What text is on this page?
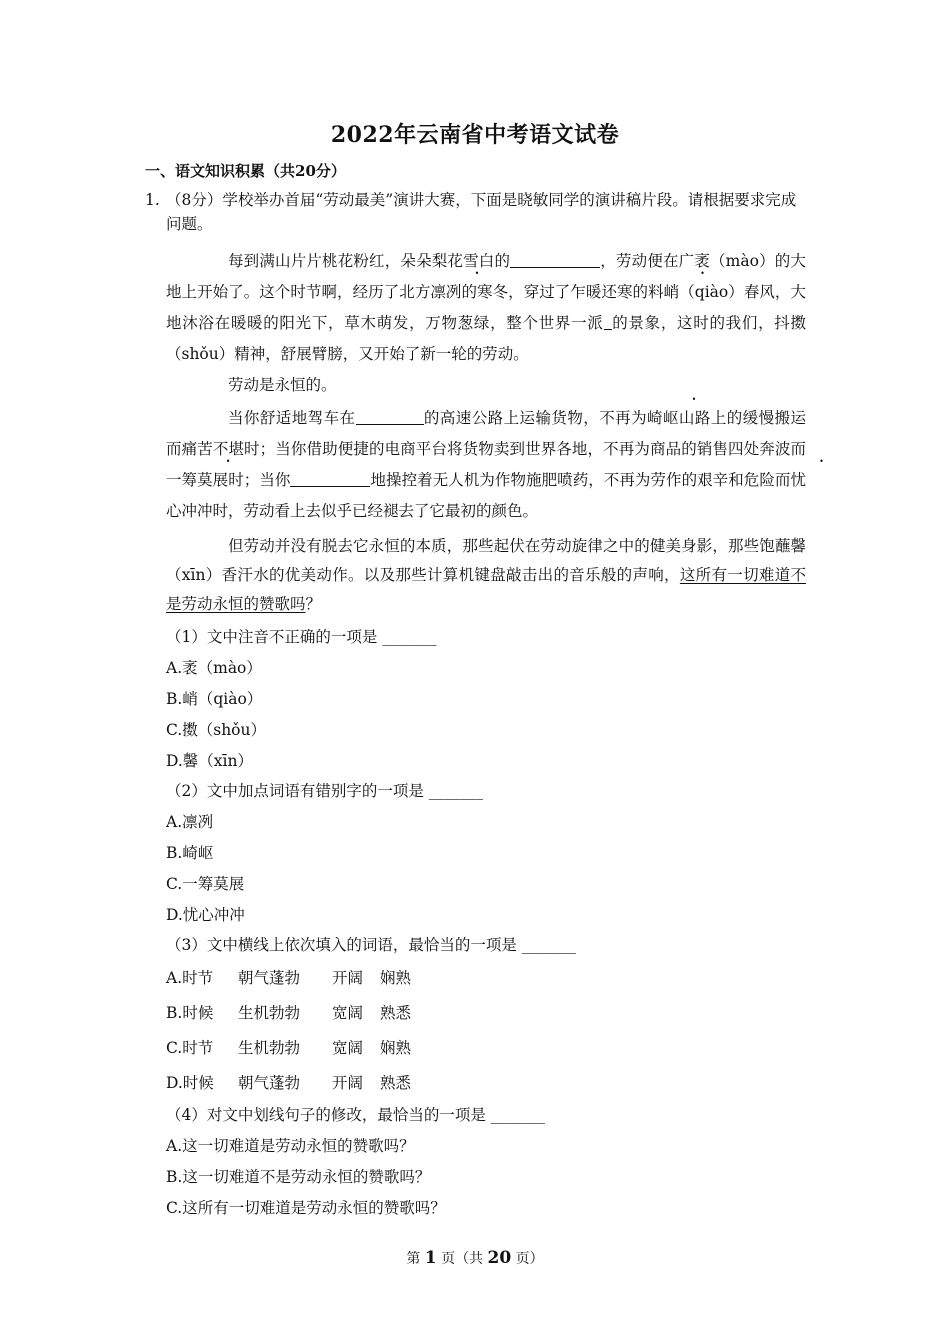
2022年云南省中考语文试卷
一、语文知识积累（共20分）
1. （8分）学校举办首届“劳动最美”演讲大赛，下面是晓敏同学的演讲稿片段。请根据要求完成问题。
每到满山片片桃花粉红，朵朵梨花雪白的	，劳动便在广袤（mào）的大地上开始了。这个时节啊，经历了北方凛冽的寒冬，穿过了乍暖还寒的料峭（qiào）春风，大地沐浴在暖暖的阳光下，草木萌发，万物葱绿，整个世界一派 的景象，这时的我们，抖擞（shǒu）精神，舒展臂膀，又开始了新一轮的劳动。
劳动是永恒的。
当你舒适地驾车在	的高速公路上运输货物，不再为崎岖山路上的缓慢搬运而痛苦不堪时；当你借助便捷的电商平台将货物卖到世界各地，不再为商品的销售四处奔波而一筹莫展时；当你	地操控着无人机为作物施肥喷药，不再为劳作的艰辛和危险而忧心冲冲时，劳动看上去似乎已经褪去了它最初的颜色。
但劳动并没有脱去它永恒的本质，那些起伏在劳动旋律之中的健美身影，那些饱蘸馨（xīn）香汗水的优美动作。以及那些计算机键盘敲击出的音乐般的声响，这所有一切难道不是劳动永恒的赞歌吗？
（1）文中注音不正确的一项是 _______
A.袤（mào）
B.峭（qiào）
C.擞（shǒu）
D.馨（xīn）
（2）文中加点词语有错别字的一项是 _______
A.凛冽
B.崎岖
C.一筹莫展
D.忧心冲冲
（3）文中横线上依次填入的词语，最恰当的一项是 _______
A.时节 朝气蓬勃 开阔 娴熟
B.时候 生机勃勃 宽阔 熟悉
C.时节 生机勃勃 宽阔 娴熟
D.时候 朝气蓬勃 开阔 熟悉
（4）对文中划线句子的修改，最恰当的一项是 _______
A.这一切难道是劳动永恒的赞歌吗？
B.这一切难道不是劳动永恒的赞歌吗？
C.这所有一切难道是劳动永恒的赞歌吗？
第 1 页（共 20 页）
